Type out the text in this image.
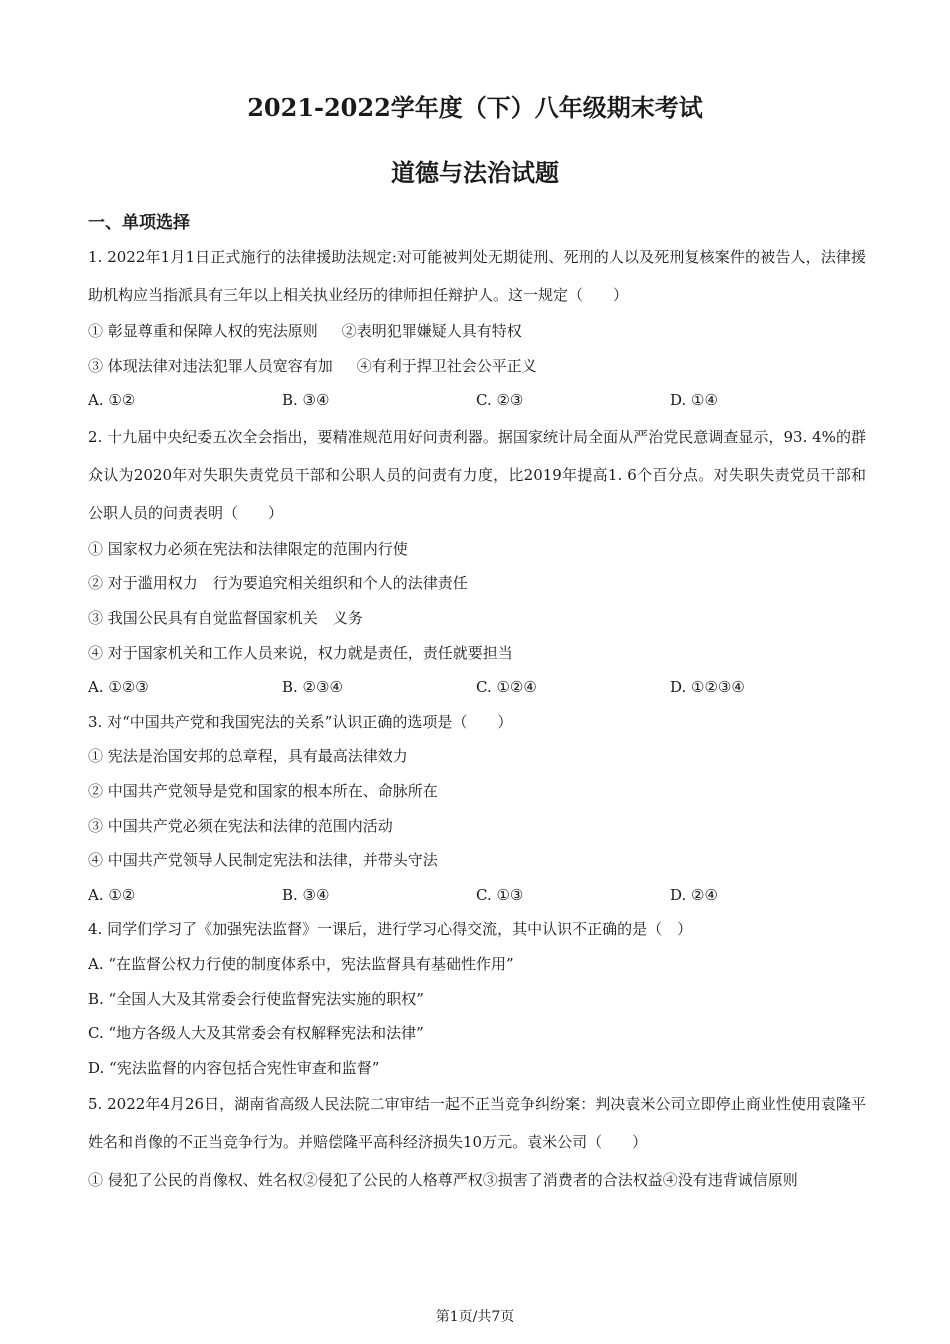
2021-2022学年度（下）八年级期末考试
道德与法治试题
一、单项选择

1. 2022年1月1日正式施行的法律援助法规定:对可能被判处无期徒刑、死刑的人以及死刑复核案件的被告人，法律援助机构应当指派具有三年以上相关执业经历的律师担任辩护人。这一规定（　　）

① 彰显尊重和保障人权的宪法原则 ②表明犯罪嫌疑人具有特权
③ 体现法律对违法犯罪人员宽容有加 ④有利于捍卫社会公平正义
A. ①②	B. ③④	C. ②③	D. ①④

2. 十九届中央纪委五次全会指出，要精准规范用好问责利器。据国家统计局全面从严治党民意调查显示，93. 4%的群众认为2020年对失职失责党员干部和公职人员的问责有力度，比2019年提高1. 6个百分点。对失职失责党员干部和公职人员的问责表明（　　）

① 国家权力必须在宪法和法律限定的范围内行使
② 对于滥用权力　行为要追究相关组织和个人的法律责任
③ 我国公民具有自觉监督国家机关　义务
④ 对于国家机关和工作人员来说，权力就是责任，责任就要担当
A. ①②③	B. ②③④	C. ①②④	D. ①②③④
3. 对“中国共产党和我国宪法的关系”认识正确的选项是（　　）
① 宪法是治国安邦的总章程，具有最高法律效力
② 中国共产党领导是党和国家的根本所在、命脉所在
③ 中国共产党必须在宪法和法律的范围内活动
④ 中国共产党领导人民制定宪法和法律，并带头守法
A. ①②	B. ③④	C. ①③	D. ②④
4. 同学们学习了《加强宪法监督》一课后，进行学习心得交流，其中认识不正确的是（　）
A. “在监督公权力行使的制度体系中，宪法监督具有基础性作用”
B. “全国人大及其常委会行使监督宪法实施的职权”
C. “地方各级人大及其常委会有权解释宪法和法律”
D. “宪法监督的内容包括合宪性审查和监督”

5. 2022年4月26日，湖南省高级人民法院二审审结一起不正当竞争纠纷案：判决袁米公司立即停止商业性使用袁隆平姓名和肖像的不正当竞争行为。并赔偿隆平高科经济损失10万元。袁米公司（　　）

① 侵犯了公民的肖像权、姓名权②侵犯了公民的人格尊严权③损害了消费者的合法权益④没有违背诚信原则

第1页/共7页
